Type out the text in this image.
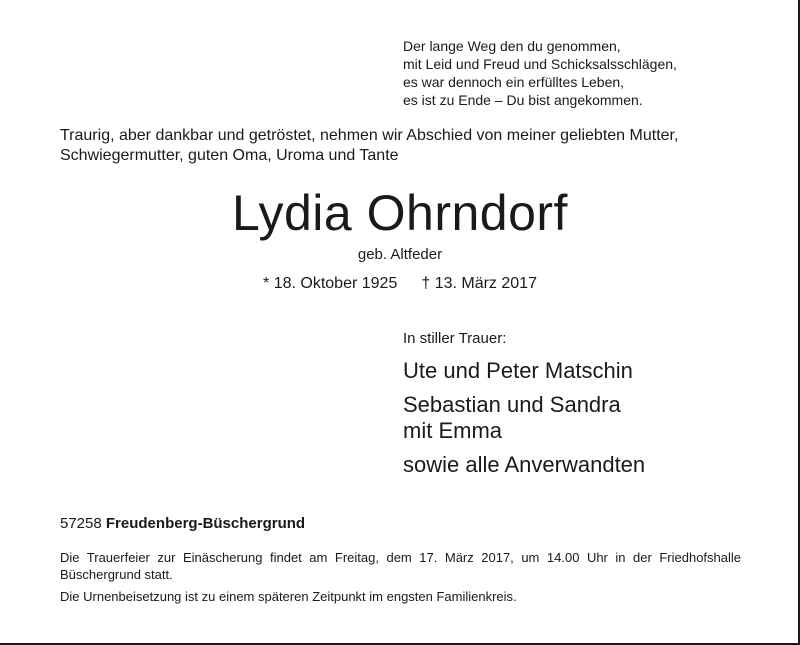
Der lange Weg den du genommen,
mit Leid und Freud und Schicksalsschlägen,
es war dennoch ein erfülltes Leben,
es ist zu Ende – Du bist angekommen.
Traurig, aber dankbar und getröstet, nehmen wir Abschied von meiner geliebten Mutter,
Schwiegermutter, guten Oma, Uroma und Tante
Lydia Ohrndorf
geb. Altfeder
* 18. Oktober 1925 † 13. März 2017
In stiller Trauer:
Ute und Peter Matschin
Sebastian und Sandra
mit Emma
sowie alle Anverwandten
57258 Freudenberg-Büschergrund
Die Trauerfeier zur Einäscherung findet am Freitag, dem 17. März 2017, um 14.00 Uhr in der Friedhofshalle Büschergrund statt.
Die Urnenbeisetzung ist zu einem späteren Zeitpunkt im engsten Familienkreis.
